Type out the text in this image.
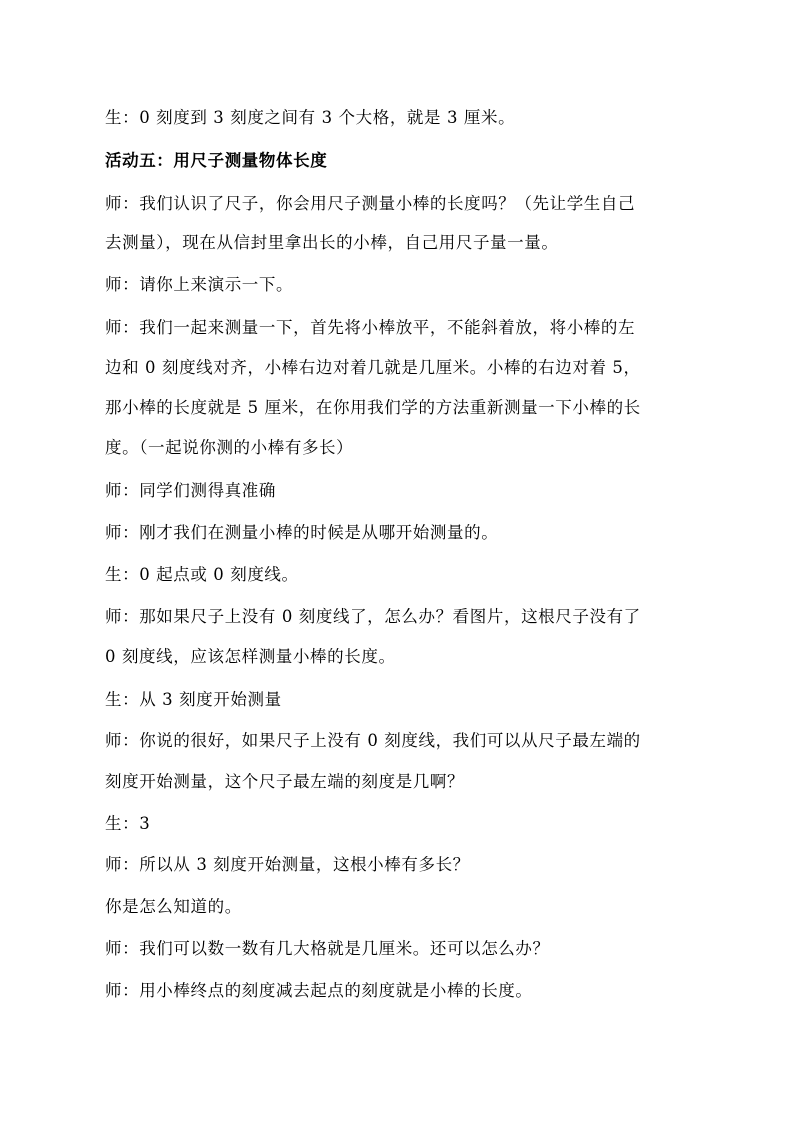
生：0 刻度到 3 刻度之间有 3 个大格，就是 3 厘米。
活动五：用尺子测量物体长度
师：我们认识了尺子，你会用尺子测量小棒的长度吗？（先让学生自己
去测量），现在从信封里拿出长的小棒，自己用尺子量一量。
师：请你上来演示一下。
师：我们一起来测量一下，首先将小棒放平，不能斜着放，将小棒的左
边和 0 刻度线对齐，小棒右边对着几就是几厘米。小棒的右边对着 5，
那小棒的长度就是 5 厘米，在你用我们学的方法重新测量一下小棒的长
度。（一起说你测的小棒有多长）
师：同学们测得真准确
师：刚才我们在测量小棒的时候是从哪开始测量的。
生：0 起点或 0 刻度线。
师：那如果尺子上没有 0 刻度线了，怎么办？看图片，这根尺子没有了
0 刻度线，应该怎样测量小棒的长度。
生：从 3 刻度开始测量
师：你说的很好，如果尺子上没有 0 刻度线，我们可以从尺子最左端的
刻度开始测量，这个尺子最左端的刻度是几啊？
生：3
师：所以从 3 刻度开始测量，这根小棒有多长？
你是怎么知道的。
师：我们可以数一数有几大格就是几厘米。还可以怎么办？
师：用小棒终点的刻度减去起点的刻度就是小棒的长度。
